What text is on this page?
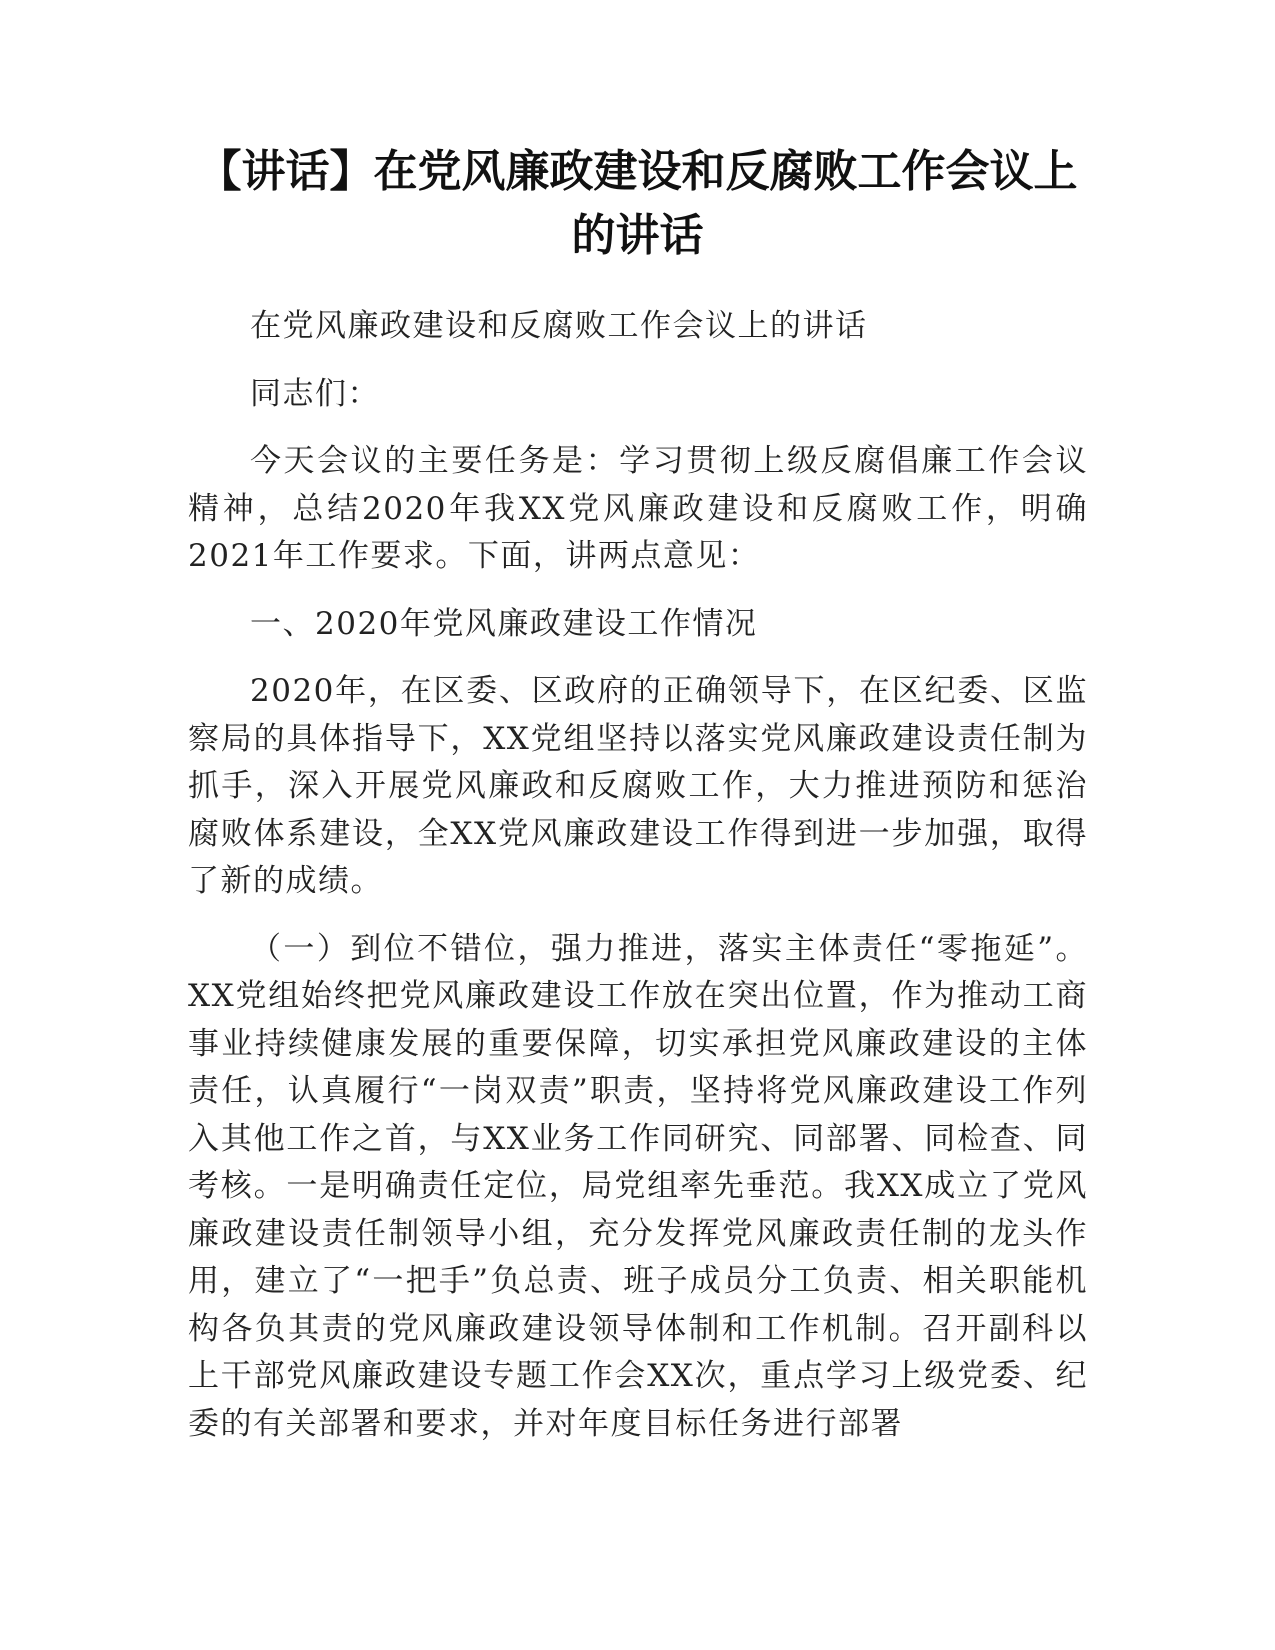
【讲话】在党风廉政建设和反腐败工作会议上的讲话

在党风廉政建设和反腐败工作会议上的讲话

同志们：

今天会议的主要任务是：学习贯彻上级反腐倡廉工作会议精神，总结2020年我XX党风廉政建设和反腐败工作，明确2021年工作要求。下面，讲两点意见：

一、2020年党风廉政建设工作情况

2020年，在区委、区政府的正确领导下，在区纪委、区监察局的具体指导下，XX党组坚持以落实党风廉政建设责任制为抓手，深入开展党风廉政和反腐败工作，大力推进预防和惩治腐败体系建设，全XX党风廉政建设工作得到进一步加强，取得了新的成绩。

（一）到位不错位，强力推进，落实主体责任“零拖延”。XX党组始终把党风廉政建设工作放在突出位置，作为推动工商事业持续健康发展的重要保障，切实承担党风廉政建设的主体责任，认真履行“一岗双责”职责，坚持将党风廉政建设工作列入其他工作之首，与XX业务工作同研究、同部署、同检查、同考核。一是明确责任定位，局党组率先垂范。我XX成立了党风廉政建设责任制领导小组，充分发挥党风廉政责任制的龙头作用，建立了“一把手”负总责、班子成员分工负责、相关职能机构各负其责的党风廉政建设领导体制和工作机制。召开副科以上干部党风廉政建设专题工作会XX次，重点学习上级党委、纪委的有关部署和要求，并对年度目标任务进行部署
